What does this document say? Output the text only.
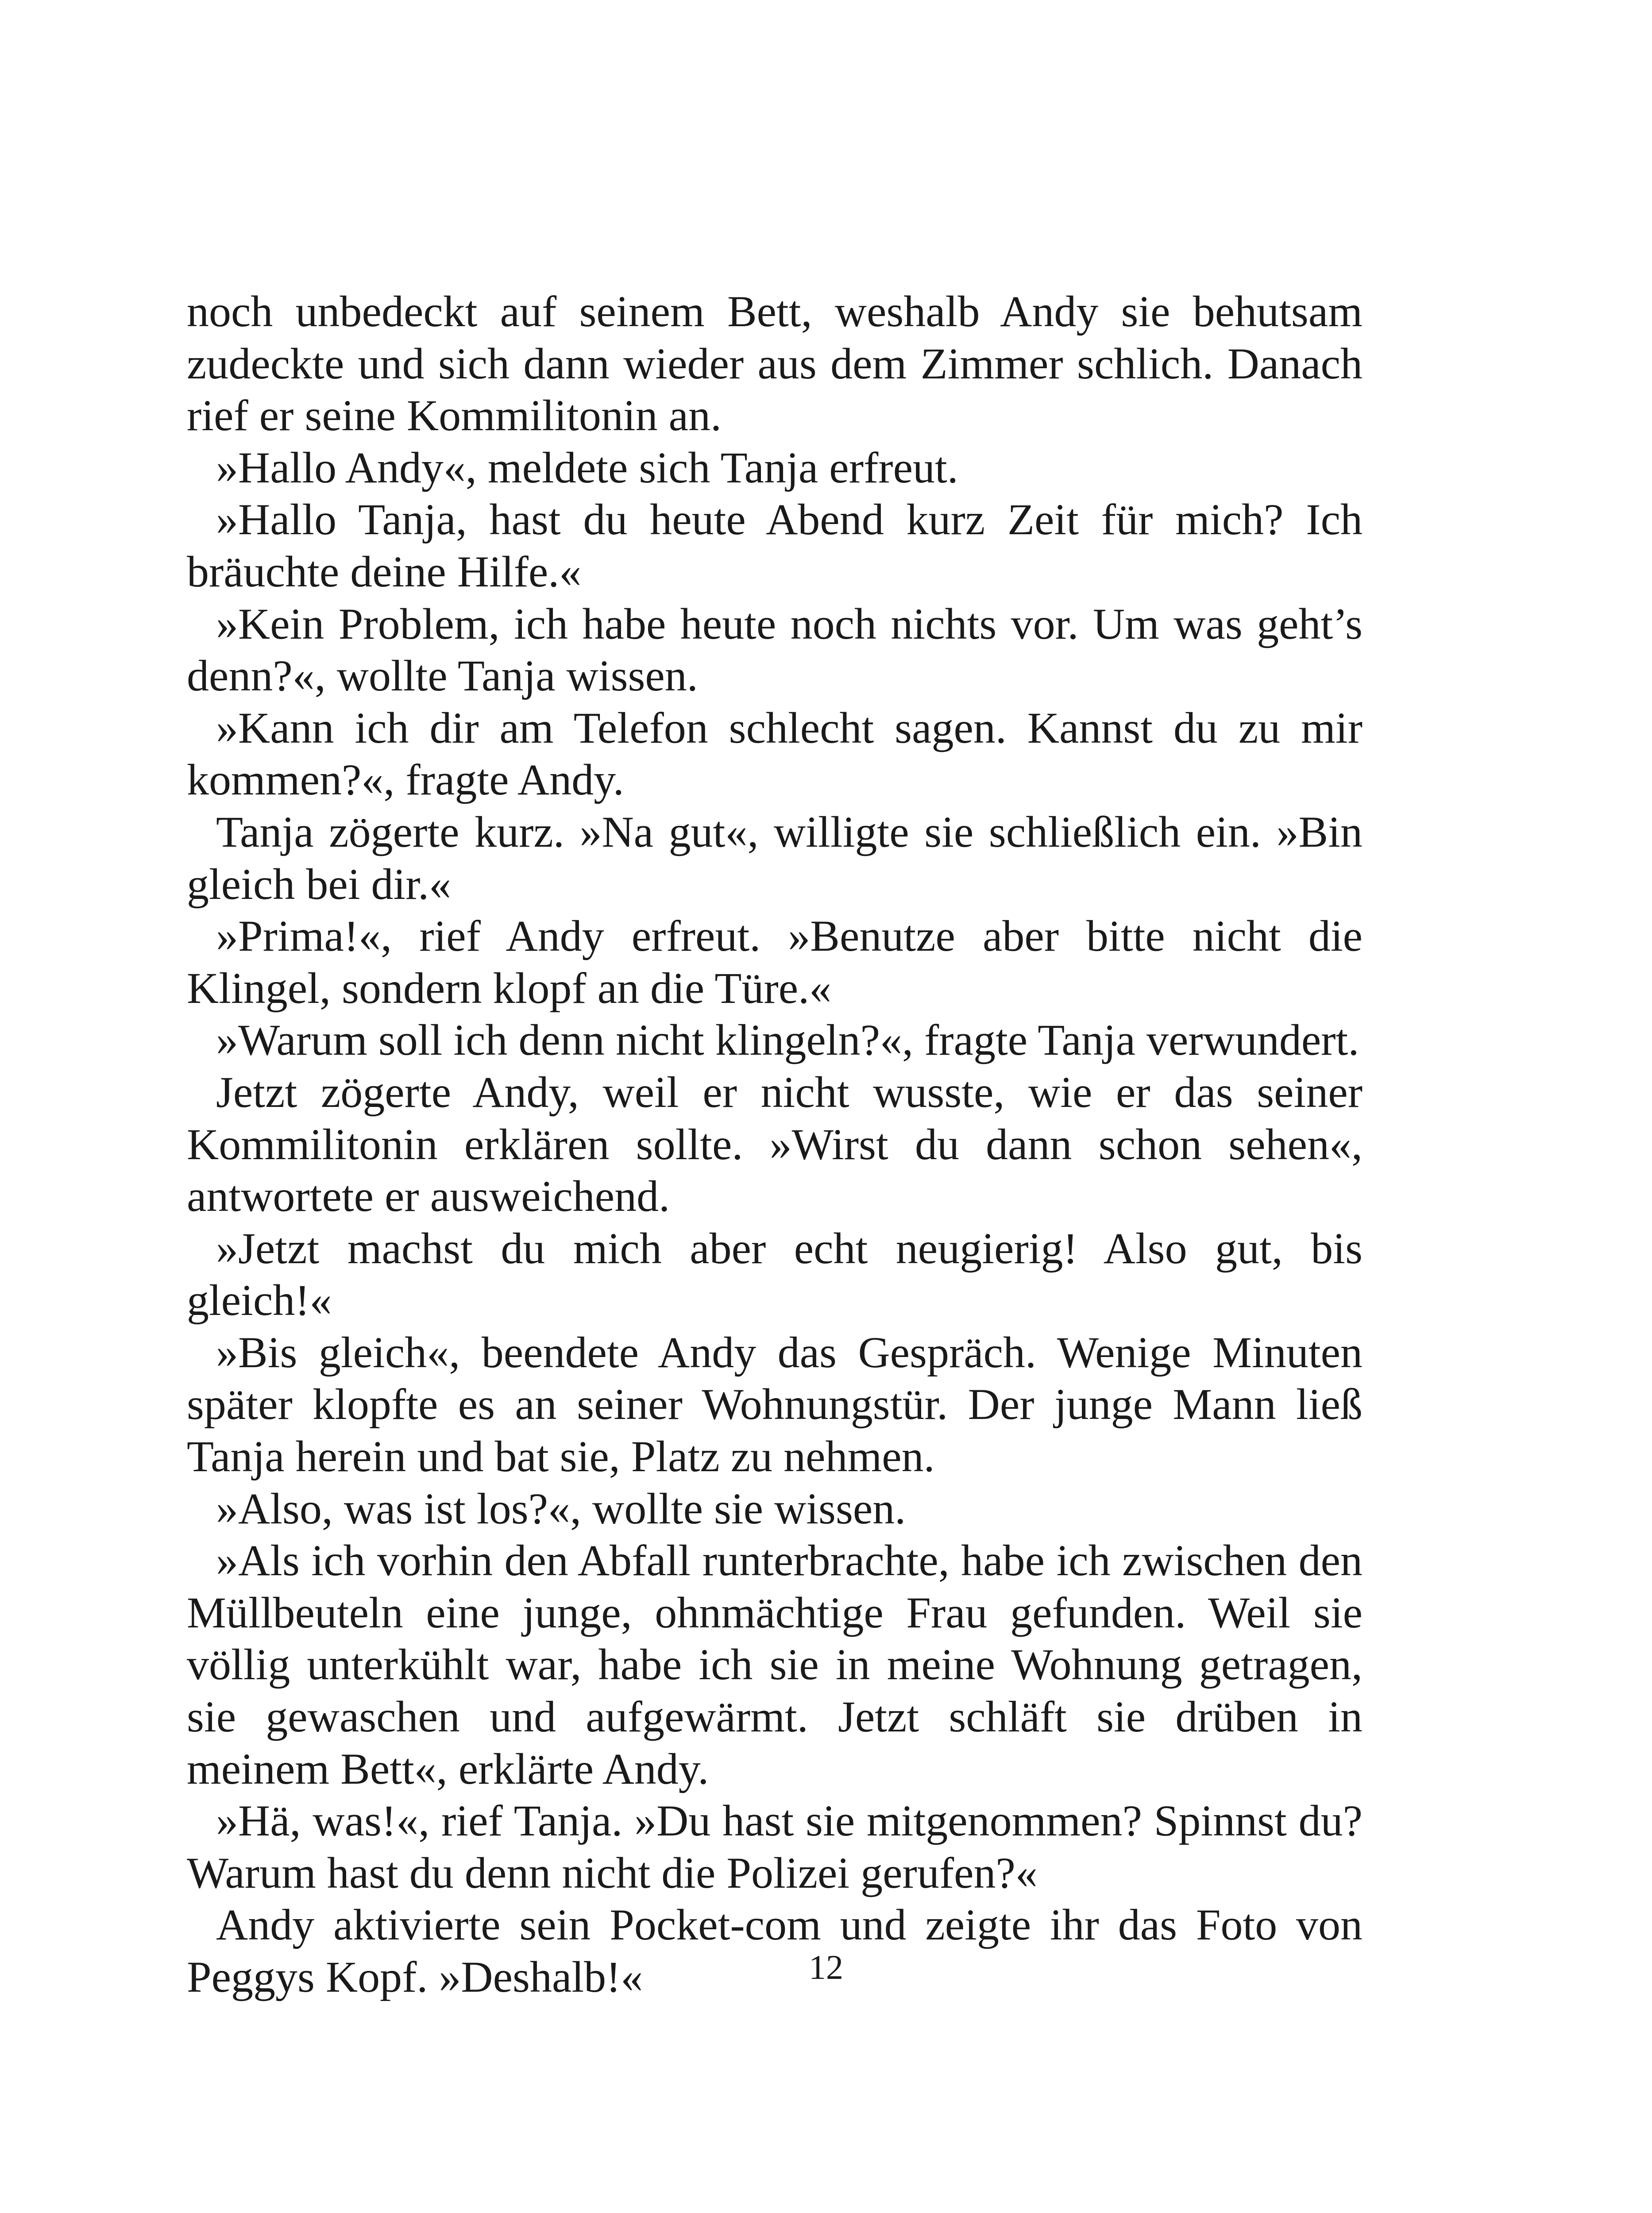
noch unbedeckt auf seinem Bett, weshalb Andy sie behutsam zudeckte und sich dann wieder aus dem Zimmer schlich. Danach rief er seine Kommilitonin an.

»Hallo Andy«, meldete sich Tanja erfreut.

»Hallo Tanja, hast du heute Abend kurz Zeit für mich? Ich bräuchte deine Hilfe.«

»Kein Problem, ich habe heute noch nichts vor. Um was geht’s denn?«, wollte Tanja wissen.

»Kann ich dir am Telefon schlecht sagen. Kannst du zu mir kommen?«, fragte Andy.

Tanja zögerte kurz. »Na gut«, willigte sie schließlich ein. »Bin gleich bei dir.«

»Prima!«, rief Andy erfreut. »Benutze aber bitte nicht die Klingel, sondern klopf an die Türe.«

»Warum soll ich denn nicht klingeln?«, fragte Tanja verwundert.

Jetzt zögerte Andy, weil er nicht wusste, wie er das seiner Kommilitonin erklären sollte. »Wirst du dann schon sehen«, antwortete er ausweichend.

»Jetzt machst du mich aber echt neugierig! Also gut, bis gleich!«

»Bis gleich«, beendete Andy das Gespräch. Wenige Minuten später klopfte es an seiner Wohnungstür. Der junge Mann ließ Tanja herein und bat sie, Platz zu nehmen.

»Also, was ist los?«, wollte sie wissen.

»Als ich vorhin den Abfall runterbrachte, habe ich zwischen den Müllbeuteln eine junge, ohnmächtige Frau gefunden. Weil sie völlig unterkühlt war, habe ich sie in meine Wohnung getragen, sie gewaschen und aufgewärmt. Jetzt schläft sie drüben in meinem Bett«, erklärte Andy.

»Hä, was!«, rief Tanja. »Du hast sie mitgenommen? Spinnst du? Warum hast du denn nicht die Polizei gerufen?«

Andy aktivierte sein Pocket-com und zeigte ihr das Foto von Peggys Kopf. »Deshalb!«	12
